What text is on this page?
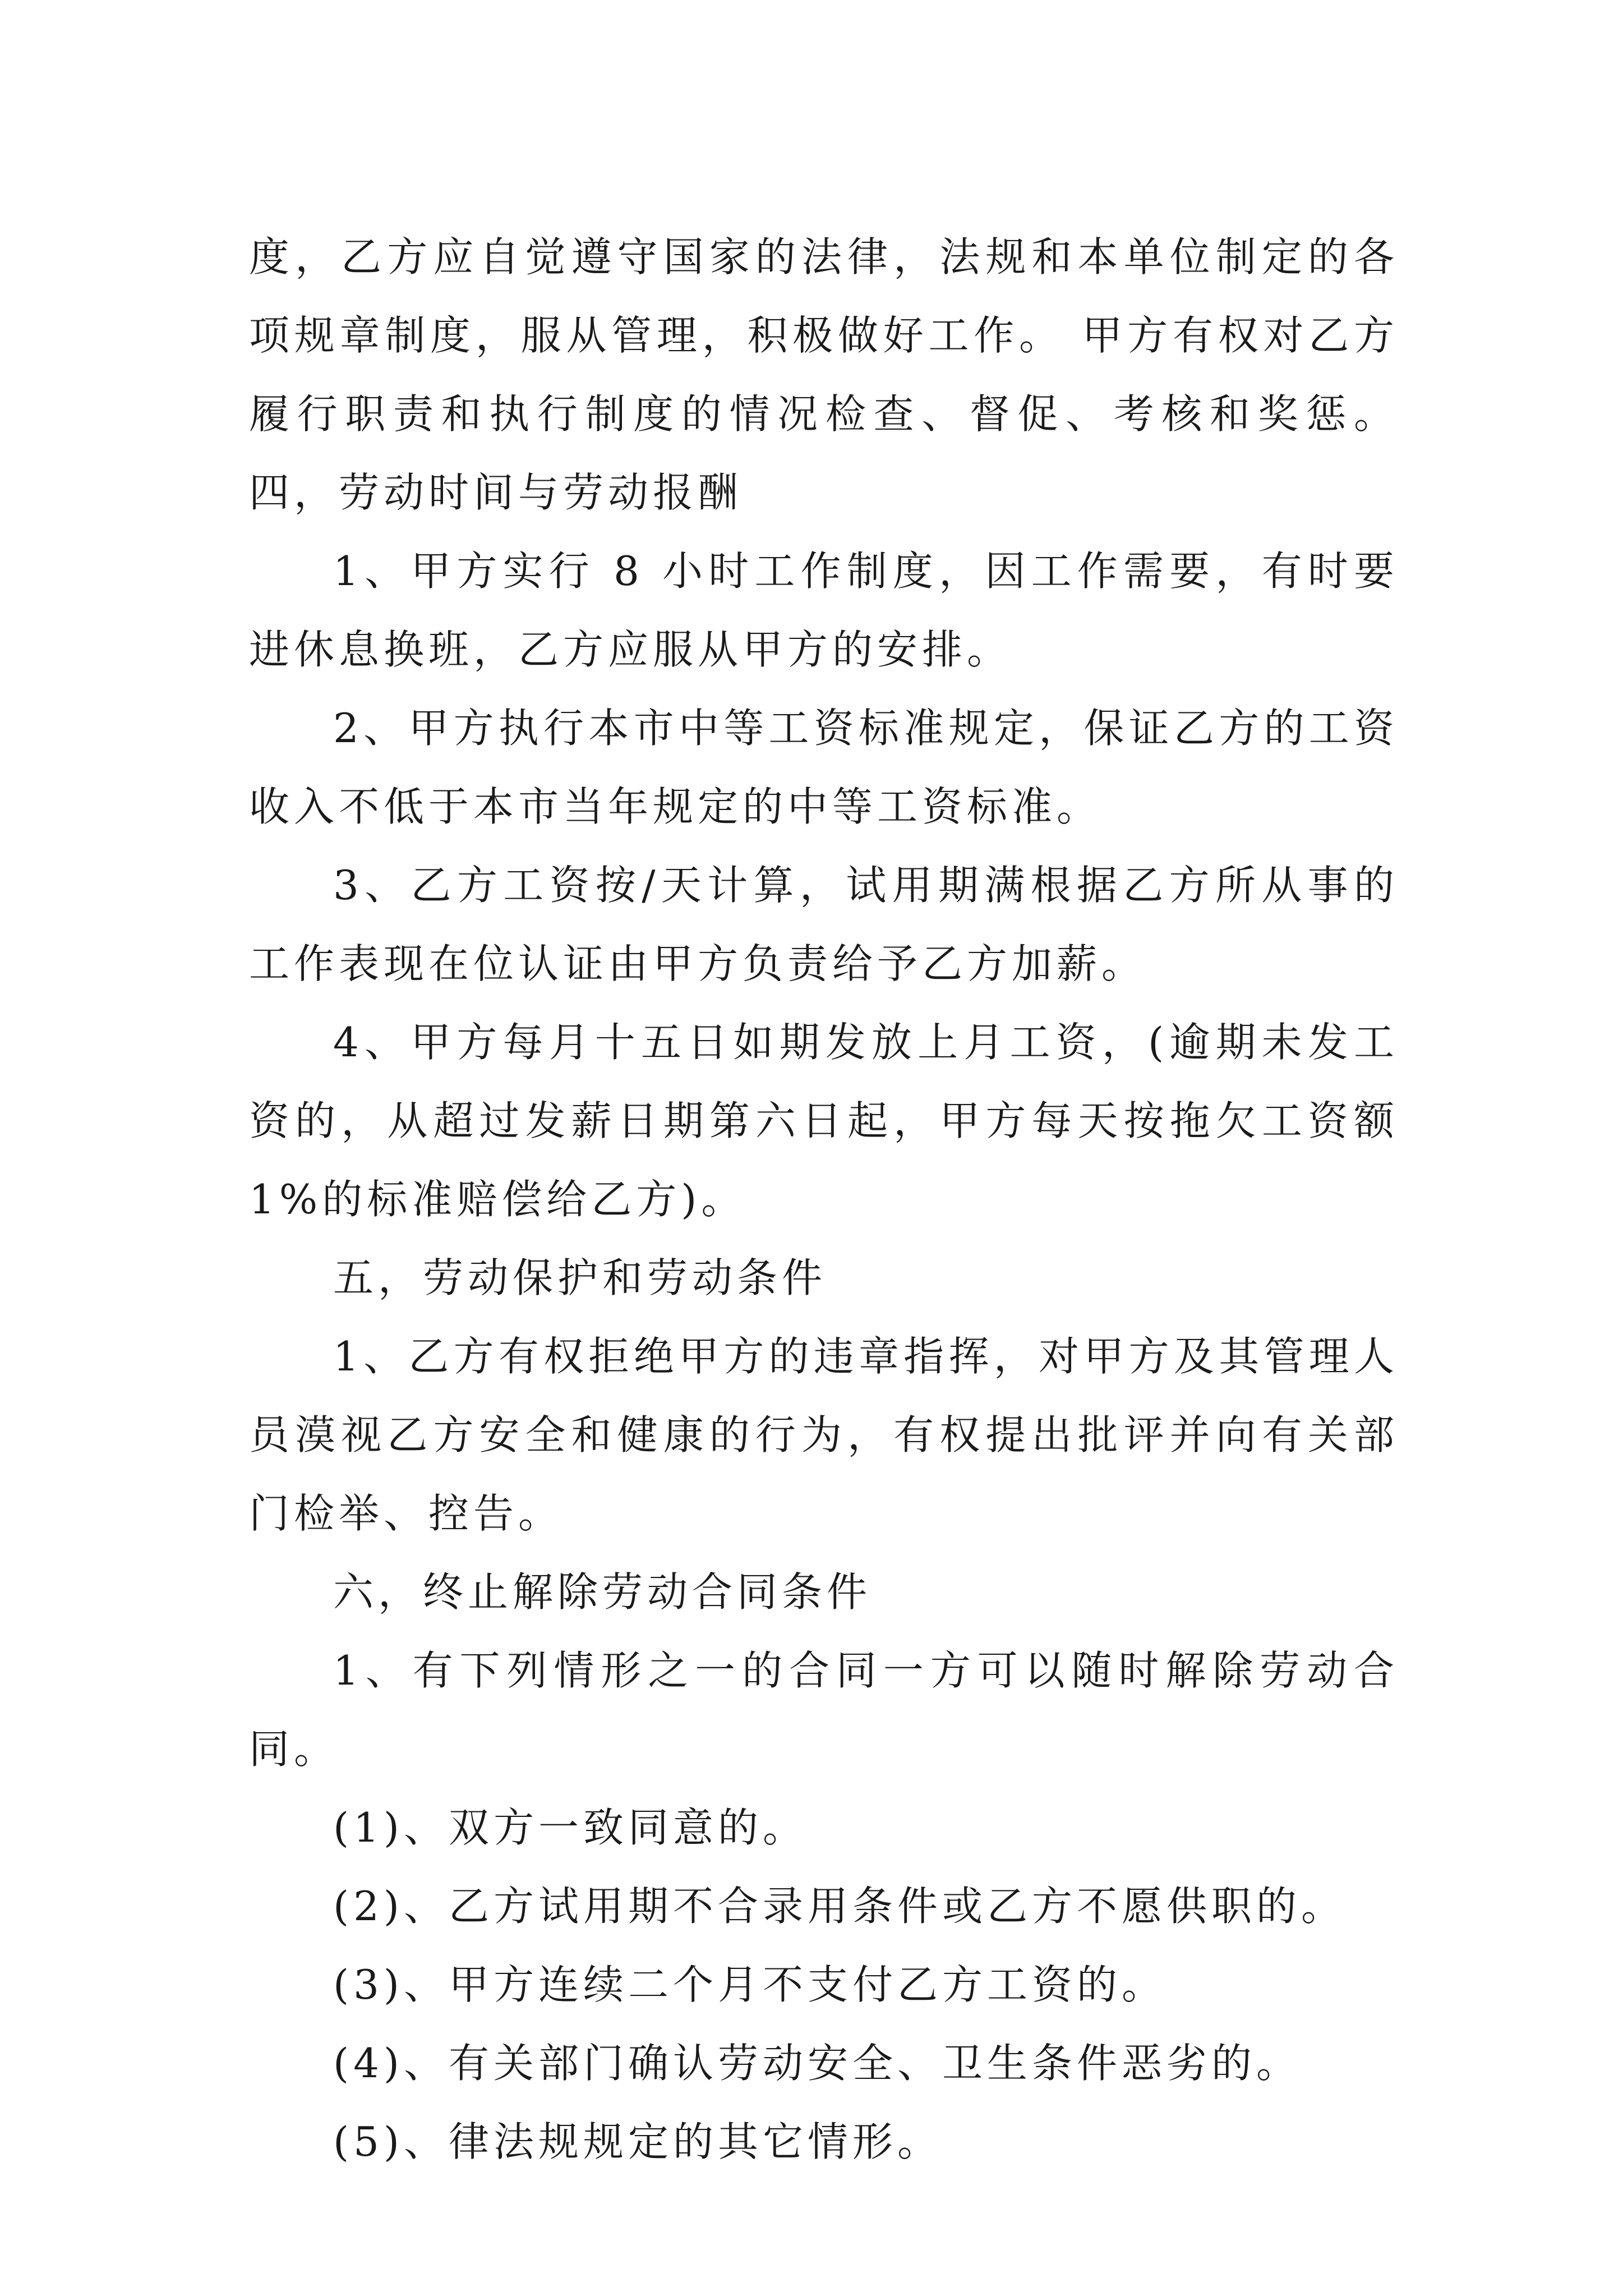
度，乙方应自觉遵守国家的法律，法规和本单位制定的各项规章制度，服从管理，积极做好工作。 甲方有权对乙方履行职责和执行制度的情况检查、督促、考核和奖惩。 四，劳动时间与劳动报酬

1、甲方实行 8 小时工作制度，因工作需要，有时要进休息换班，乙方应服从甲方的安排。

2、甲方执行本市中等工资标准规定，保证乙方的工资收入不低于本市当年规定的中等工资标准。

3、乙方工资按/天计算，试用期满根据乙方所从事的工作表现在位认证由甲方负责给予乙方加薪。

4、甲方每月十五日如期发放上月工资，(逾期未发工资的，从超过发薪日期第六日起，甲方每天按拖欠工资额 1%的标准赔偿给乙方)。

五，劳动保护和劳动条件

1、乙方有权拒绝甲方的违章指挥，对甲方及其管理人员漠视乙方安全和健康的行为，有权提出批评并向有关部门检举、控告。

六，终止解除劳动合同条件

1、有下列情形之一的合同一方可以随时解除劳动合同。

(1)、双方一致同意的。

(2)、乙方试用期不合录用条件或乙方不愿供职的。

(3)、甲方连续二个月不支付乙方工资的。

(4)、有关部门确认劳动安全、卫生条件恶劣的。

(5)、律法规规定的其它情形。
